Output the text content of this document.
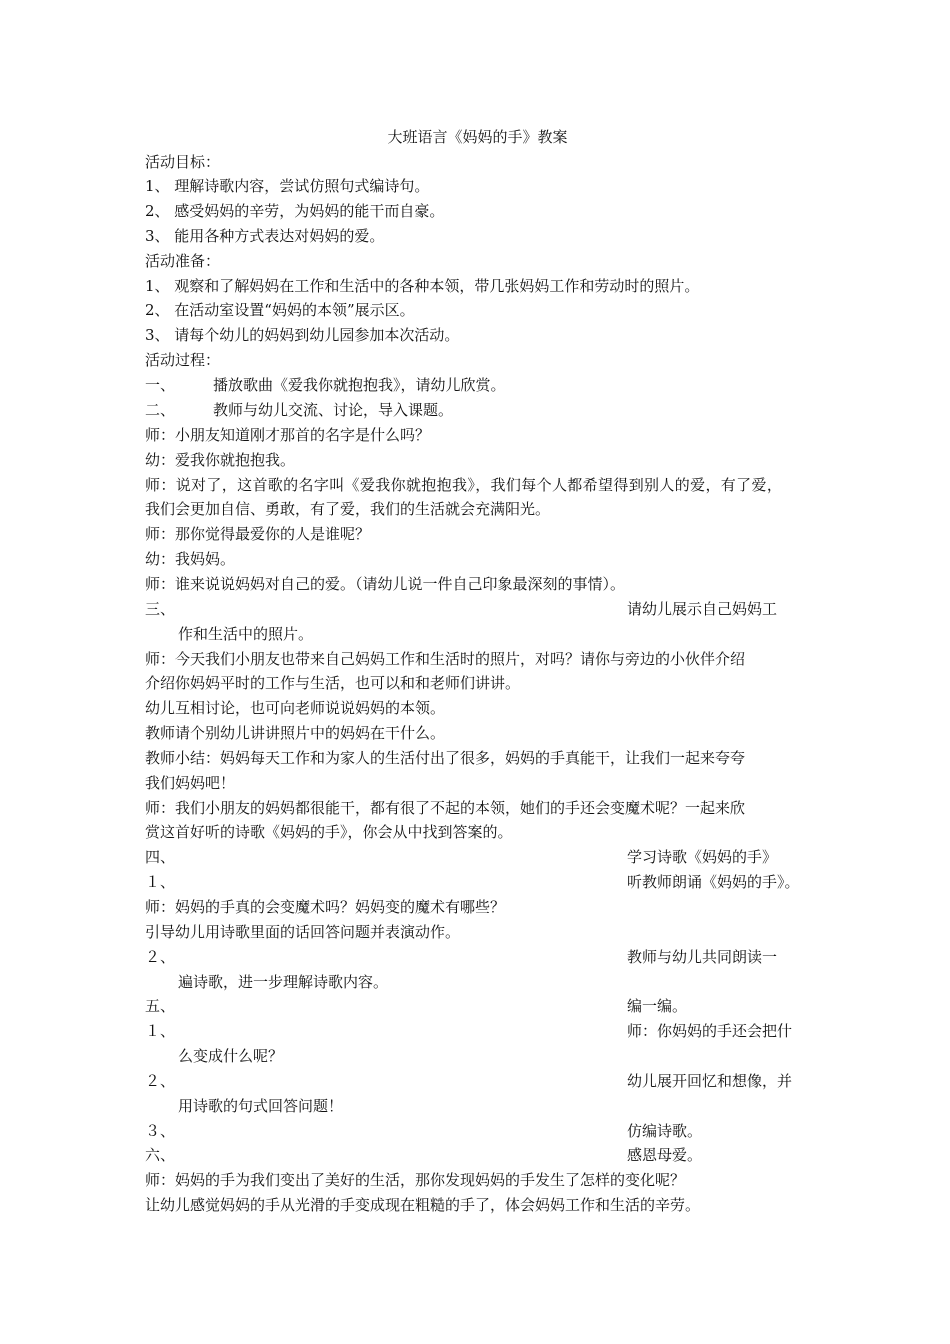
大班语言《妈妈的手》教案
活动目标：
1、 理解诗歌内容，尝试仿照句式编诗句。
2、 感受妈妈的辛劳，为妈妈的能干而自豪。
3、 能用各种方式表达对妈妈的爱。
活动准备：
1、 观察和了解妈妈在工作和生活中的各种本领，带几张妈妈工作和劳动时的照片。
2、 在活动室设置“妈妈的本领”展示区。
3、 请每个幼儿的妈妈到幼儿园参加本次活动。
活动过程：
一、	播放歌曲《爱我你就抱抱我》，请幼儿欣赏。
二、	教师与幼儿交流、讨论，导入课题。
师：小朋友知道刚才那首的名字是什么吗？
幼：爱我你就抱抱我。
师：说对了，这首歌的名字叫《爱我你就抱抱我》，我们每个人都希望得到别人的爱，有了爱，
我们会更加自信、勇敢，有了爱，我们的生活就会充满阳光。
师：那你觉得最爱你的人是谁呢？
幼：我妈妈。
师：谁来说说妈妈对自己的爱。（请幼儿说一件自己印象最深刻的事情）。
三、	请幼儿展示自己妈妈工
作和生活中的照片。
师：今天我们小朋友也带来自己妈妈工作和生活时的照片，对吗？请你与旁边的小伙伴介绍
介绍你妈妈平时的工作与生活，也可以和和老师们讲讲。
幼儿互相讨论，也可向老师说说妈妈的本领。
教师请个别幼儿讲讲照片中的妈妈在干什么。
教师小结：妈妈每天工作和为家人的生活付出了很多，妈妈的手真能干，让我们一起来夸夸
我们妈妈吧！
师：我们小朋友的妈妈都很能干，都有很了不起的本领，她们的手还会变魔术呢？一起来欣
赏这首好听的诗歌《妈妈的手》，你会从中找到答案的。
四、	学习诗歌《妈妈的手》
１、	听教师朗诵《妈妈的手》。
师：妈妈的手真的会变魔术吗？妈妈变的魔术有哪些？
引导幼儿用诗歌里面的话回答问题并表演动作。
２、	教师与幼儿共同朗读一
遍诗歌，进一步理解诗歌内容。
五、	编一编。
１、	师：你妈妈的手还会把什
么变成什么呢？
２、	幼儿展开回忆和想像，并
用诗歌的句式回答问题！
３、	仿编诗歌。
六、	感恩母爱。
师：妈妈的手为我们变出了美好的生活，那你发现妈妈的手发生了怎样的变化呢？
让幼儿感觉妈妈的手从光滑的手变成现在粗糙的手了，体会妈妈工作和生活的辛劳。
